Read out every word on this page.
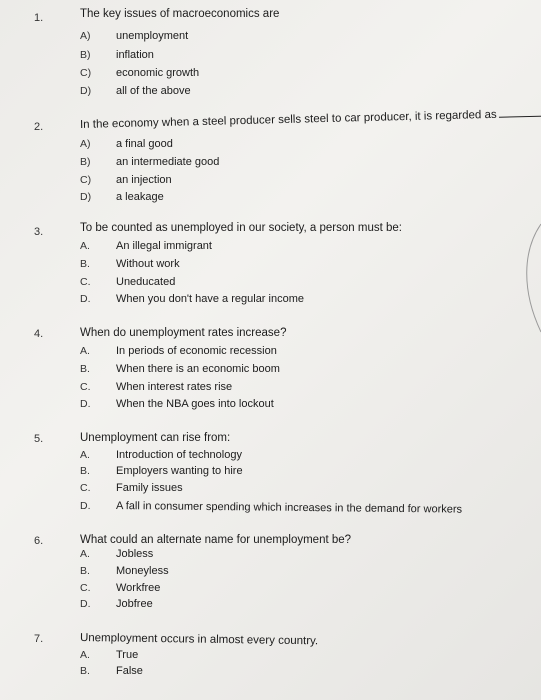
1.	The key issues of macroeconomics are
A) unemployment
B) inflation
C) economic growth
D) all of the above
2.	In the economy when a steel producer sells steel to car producer, it is regarded as
A) a final good
B) an intermediate good
C) an injection
D) a leakage
3.	To be counted as unemployed in our society, a person must be:
A. An illegal immigrant
B. Without work
C. Uneducated
D. When you don't have a regular income
4.	When do unemployment rates increase?
A. In periods of economic recession
B. When there is an economic boom
C. When interest rates rise
D. When the NBA goes into lockout
5.	Unemployment can rise from:
A. Introduction of technology
B. Employers wanting to hire
C. Family issues
D. A fall in consumer spending which increases in the demand for workers
6.	What could an alternate name for unemployment be?
A. Jobless
B. Moneyless
C. Workfree
D. Jobfree
7.	Unemployment occurs in almost every country.
A. True
B. False
